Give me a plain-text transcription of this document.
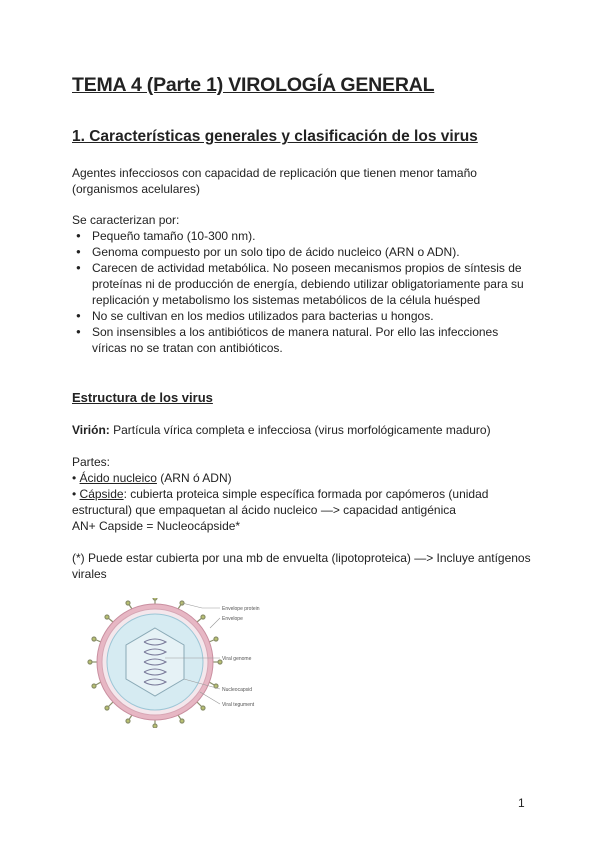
TEMA 4 (Parte 1) VIROLOGÍA GENERAL
1. Características generales y clasificación de los virus

Agentes infecciosos con capacidad de replicación que tienen menor tamaño (organismos acelulares)

Se caracterizan por:

● Pequeño tamaño (10-300 nm).
● Genoma compuesto por un solo tipo de ácido nucleico (ARN o ADN).
● Carecen de actividad metabólica. No poseen mecanismos propios de síntesis de proteínas ni de producción de energía, debiendo utilizar obligatoriamente para su replicación y metabolismo los sistemas metabólicos de la célula huésped
● No se cultivan en los medios utilizados para bacterias u hongos.
● Son insensibles a los antibióticos de manera natural. Por ello las infecciones víricas no se tratan con antibióticos.
Estructura de los virus

Virión: Partícula vírica completa e infecciosa (virus morfológicamente maduro)

Partes:

• Ácido nucleico (ARN ó ADN)

• Cápside: cubierta proteica simple específica formada por capómeros (unidad estructural) que empaquetan al ácido nucleico —> capacidad antigénica

AN+ Capside = Nucleocápside*

(*) Puede estar cubierta por una mb de envuelta (lipotoproteica) —> Incluye antígenos virales

Envelope protein
Envelope
Viral genome
Nucleocapsid
Viral tegument
1
